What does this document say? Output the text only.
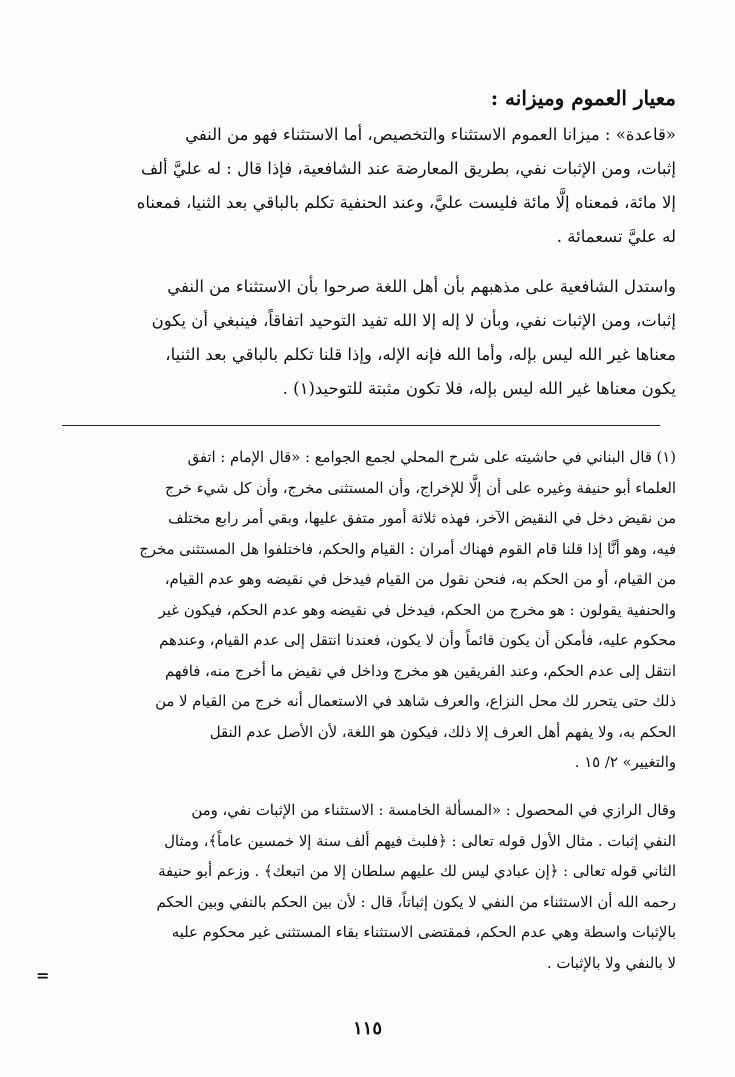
معيار العموم وميزانه :
«قاعدة» : ميزانا العموم الاستثناء والتخصيص، أما الاستثناء فهو من النفي
إثبات، ومن الإثبات نفي، بطريق المعارضة عند الشافعية، فإذا قال : له عليَّ ألف
إلا مائة، فمعناه إلَّا مائة فليست عليَّ، وعند الحنفية تكلم بالباقي بعد الثنيا، فمعناه
له عليَّ تسعمائة .
واستدل الشافعية على مذهبهم بأن أهل اللغة صرحوا بأن الاستثناء من النفي
إثبات، ومن الإثبات نفي، وبأن لا إله إلا الله تفيد التوحيد اتفاقاً، فينبغي أن يكون
معناها غير الله ليس بإله، وأما الله فإنه الإله، وإذا قلنا تكلم بالباقي بعد الثنيا،
يكون معناها غير الله ليس بإله، فلا تكون مثبتة للتوحيد(١) .
(١) قال البناني في حاشيته على شرح المحلي لجمع الجوامع : «قال الإمام : اتفق
العلماء أبو حنيفة وغيره على أن إلَّا للإخراج، وأن المستثنى مخرج، وأن كل شيء خرج
من نقيض دخل في النقيض الآخر، فهذه ثلاثة أمور متفق عليها، وبقي أمر رابع مختلف
فيه، وهو أنَّا إذا قلنا قام القوم فهناك أمران : القيام والحكم، فاختلفوا هل المستثنى مخرج
من القيام، أو من الحكم به، فنحن نقول من القيام فيدخل في نقيضه وهو عدم القيام،
والحنفية يقولون : هو مخرج من الحكم، فيدخل في نقيضه وهو عدم الحكم، فيكون غير
محكوم عليه، فأمكن أن يكون قائماً وأن لا يكون، فعندنا انتقل إلى عدم القيام، وعندهم
انتقل إلى عدم الحكم، وعند الفريقين هو مخرج وداخل في نقيض ما أخرج منه، فافهم
ذلك حتى يتحرر لك محل النزاع، والعرف شاهد في الاستعمال أنه خرج من القيام لا من
الحكم به، ولا يفهم أهل العرف إلا ذلك، فيكون هو اللغة، لأن الأصل عدم النقل
والتغيير» ٢/ ١٥ .
وقال الرازي في المحصول : «المسألة الخامسة : الاستثناء من الإثبات نفي، ومن
النفي إثبات . مثال الأول قوله تعالى : ﴿فلبث فيهم ألف سنة إلا خمسين عاماً﴾، ومثال
الثاني قوله تعالى : ﴿إن عبادي ليس لك عليهم سلطان إلا من اتبعك﴾ . وزعم أبو حنيفة
رحمه الله أن الاستثناء من النفي لا يكون إثباتاً، قال : لأن بين الحكم بالنفي وبين الحكم
بالإثبات واسطة وهي عدم الحكم، فمقتضى الاستثناء بقاء المستثنى غير محكوم عليه
لا بالنفي ولا بالإثبات .
=
١١٥
